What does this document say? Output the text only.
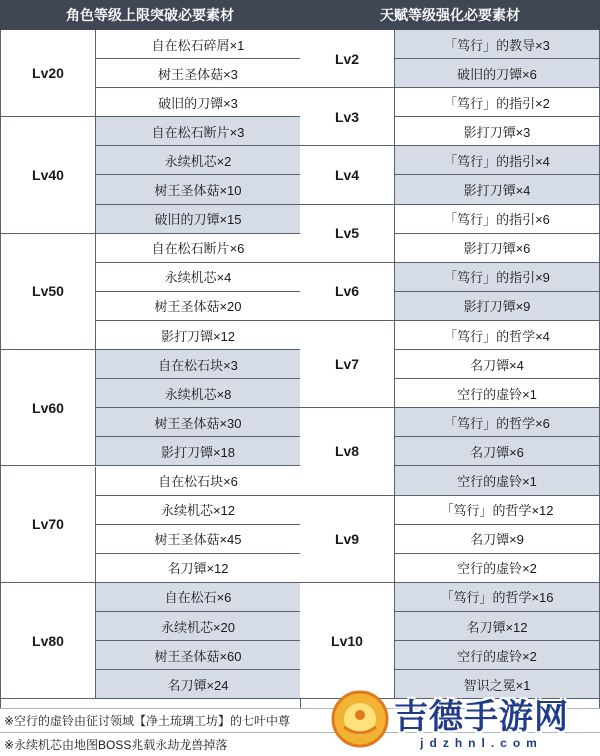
角色等级上限突破必要素材	天赋等级强化必要素材
Lv20
自在松石碎屑×1
树王圣体菇×3
破旧的刀镡×3
Lv40
自在松石断片×3
永续机芯×2
树王圣体菇×10
破旧的刀镡×15
Lv50
自在松石断片×6
永续机芯×4
树王圣体菇×20
影打刀镡×12
Lv60
自在松石块×3
永续机芯×8
树王圣体菇×30
影打刀镡×18
Lv70
自在松石块×6
永续机芯×12
树王圣体菇×45
名刀镡×12
Lv80
自在松石×6
永续机芯×20
树王圣体菇×60
名刀镡×24
Lv2
「笃行」的教导×3
破旧的刀镡×6
Lv3
「笃行」的指引×2
影打刀镡×3
Lv4
「笃行」的指引×4
影打刀镡×4
Lv5
「笃行」的指引×6
影打刀镡×6
Lv6
「笃行」的指引×9
影打刀镡×9
Lv7
「笃行」的哲学×4
名刀镡×4
空行的虚铃×1
Lv8
「笃行」的哲学×6
名刀镡×6
空行的虚铃×1
Lv9
「笃行」的哲学×12
名刀镡×9
空行的虚铃×2
Lv10
「笃行」的哲学×16
名刀镡×12
空行的虚铃×2
智识之冕×1
※空行的虚铃由征讨领域【净土琉璃工坊】的七叶中尊
※永续机芯由地图BOSS兆载永劫龙兽掉落
吉德手游网
jdzhnl.com
